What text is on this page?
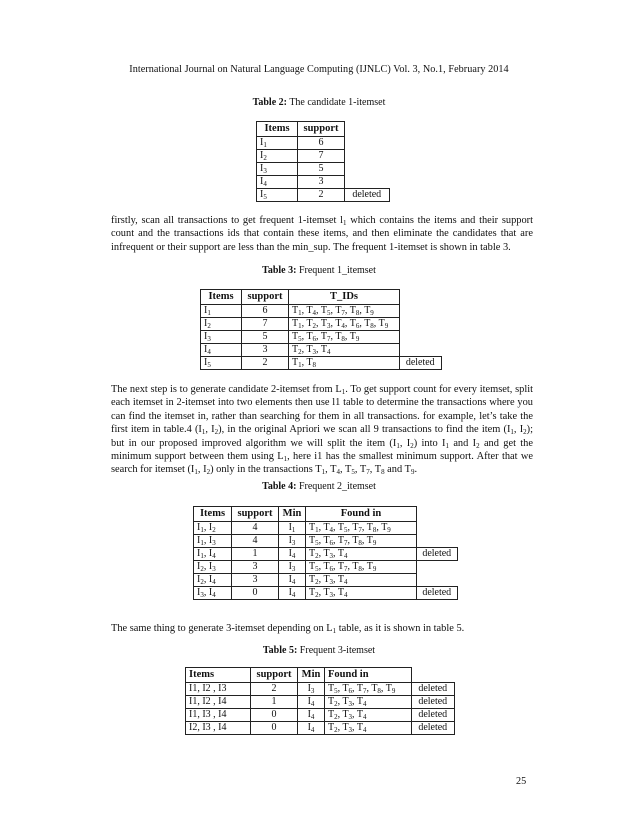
International Journal on Natural Language Computing (IJNLC) Vol. 3, No.1, February 2014
Table 2: The candidate 1-itemset
Items	support	
$I_1$	6	
$I_2$	7	
$I_3$	5	
$I_4$	3	
$I_5$	2	deleted
firstly, scan all transactions to get frequent 1-itemset $l_1$ which contains the items and their support count and the transactions ids that contain these items, and then eliminate the candidates that are infrequent or their support are less than the min_sup. The frequent 1-itemset is shown in table 3.
Table 3: Frequent 1_itemset
Items	support	T_IDs	
$I_1$	6	$T_1$, $T_4$, $T_5$, $T_7$, $T_8$, $T_9$	
$I_2$	7	$T_1$, $T_2$, $T_3$, $T_4$, $T_6$, $T_8$, $T_9$	
$I_3$	5	$T_5$, $T_6$, $T_7$, $T_8$, $T_9$	
$I_4$	3	$T_2$, $T_3$, $T_4$	
$I_5$	2	$T_1$, $T_8$	deleted
The next step is to generate candidate 2-itemset from $L_1$. To get support count for every itemset, split each itemset in 2-itemset into two elements then use l1 table to determine the transactions where you can find the itemset in, rather than searching for them in all transactions. for example, let’s take the first item in table.4 ($I_1$, $I_2$), in the original Apriori we scan all 9 transactions to find the item ($I_1$, $I_2$); but in our proposed improved algorithm we will split the item ($I_1$, $I_2$) into $I_1$ and $I_2$ and get the minimum support between them using $L_1$, here i1 has the smallest minimum support. After that we search for itemset ($I_1$, $I_2$) only in the transactions $T_1$, $T_4$, $T_5$, $T_7$, $T_8$ and $T_9$.
Table 4: Frequent 2_itemset
Items	support	Min	Found in	
$I_1$, $I_2$	4	$I_1$	$T_1$, $T_4$, $T_5$, $T_7$, $T_8$, $T_9$	
$I_1$, $I_3$	4	$I_3$	$T_5$, $T_6$, $T_7$, $T_8$, $T_9$	
$I_1$, $I_4$	1	$I_4$	$T_2$, $T_3$, $T_4$	deleted
$I_2$, $I_3$	3	$I_3$	$T_5$, $T_6$, $T_7$, $T_8$, $T_9$	
$I_2$, $I_4$	3	$I_4$	$T_2$, $T_3$, $T_4$	
$I_3$, $I_4$	0	$I_4$	$T_2$, $T_3$, $T_4$	deleted
The same thing to generate 3-itemset depending on $L_1$ table, as it is shown in table 5.
Table 5: Frequent 3-itemset
Items	support	Min	Found in	
I1, I2 , I3	2	$I_3$	$T_5$, $T_6$, $T_7$, $T_8$, $T_9$	deleted
I1, I2 , I4	1	$I_4$	$T_2$, $T_3$, $T_4$	deleted
I1, I3 , I4	0	$I_4$	$T_2$, $T_3$, $T_4$	deleted
I2, I3 , I4	0	$I_4$	$T_2$, $T_3$, $T_4$	deleted
25
